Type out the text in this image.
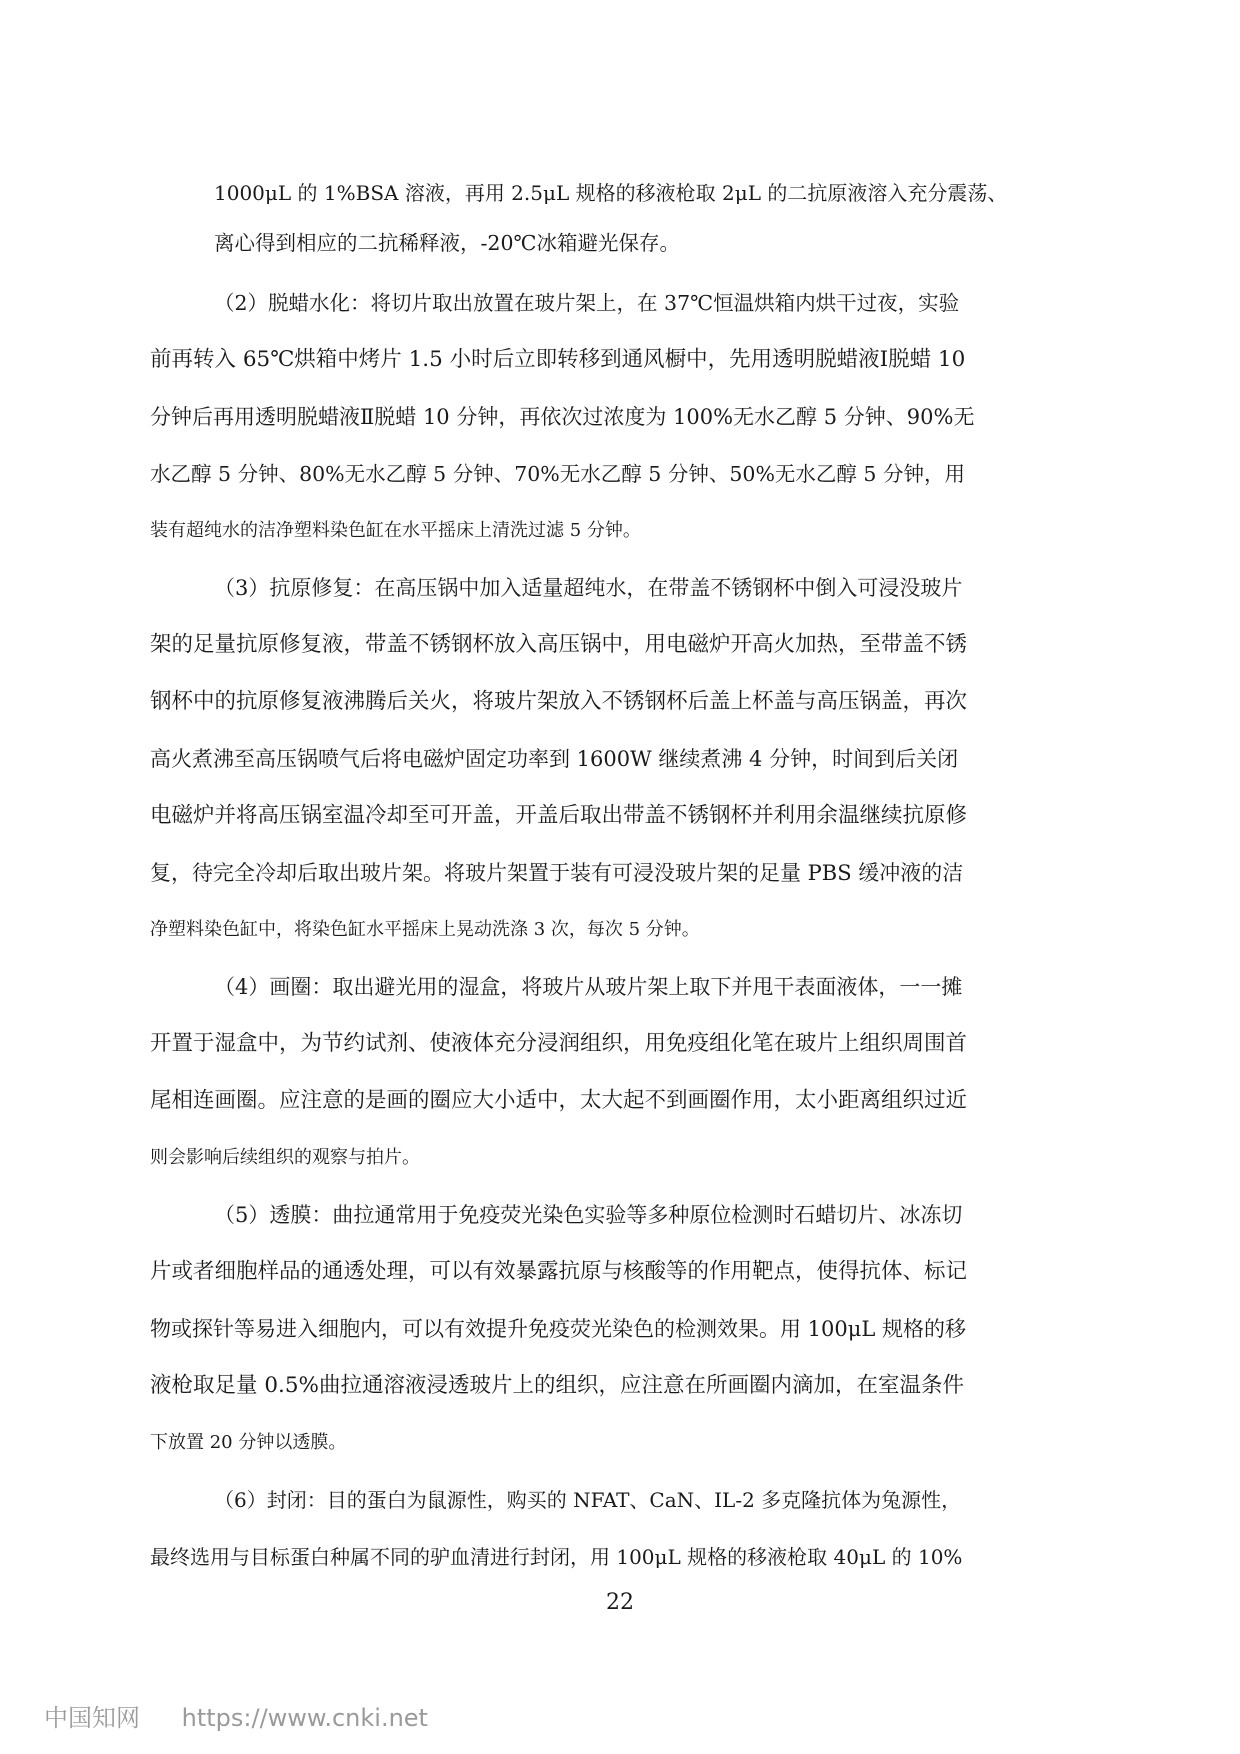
1000μL 的 1%BSA 溶液，再用 2.5μL 规格的移液枪取 2μL 的二抗原液溶入充分震荡、
离心得到相应的二抗稀释液，-20℃冰箱避光保存。
（2）脱蜡水化：将切片取出放置在玻片架上，在 37℃恒温烘箱内烘干过夜，实验
前再转入 65℃烘箱中烤片 1.5 小时后立即转移到通风橱中，先用透明脱蜡液Ⅰ脱蜡 10
分钟后再用透明脱蜡液Ⅱ脱蜡 10 分钟，再依次过浓度为 100%无水乙醇 5 分钟、90%无
水乙醇 5 分钟、80%无水乙醇 5 分钟、70%无水乙醇 5 分钟、50%无水乙醇 5 分钟，用
装有超纯水的洁净塑料染色缸在水平摇床上清洗过滤 5 分钟。
（3）抗原修复：在高压锅中加入适量超纯水，在带盖不锈钢杯中倒入可浸没玻片
架的足量抗原修复液，带盖不锈钢杯放入高压锅中，用电磁炉开高火加热，至带盖不锈
钢杯中的抗原修复液沸腾后关火，将玻片架放入不锈钢杯后盖上杯盖与高压锅盖，再次
高火煮沸至高压锅喷气后将电磁炉固定功率到 1600W 继续煮沸 4 分钟，时间到后关闭
电磁炉并将高压锅室温冷却至可开盖，开盖后取出带盖不锈钢杯并利用余温继续抗原修
复，待完全冷却后取出玻片架。将玻片架置于装有可浸没玻片架的足量 PBS 缓冲液的洁
净塑料染色缸中，将染色缸水平摇床上晃动洗涤 3 次，每次 5 分钟。
（4）画圈：取出避光用的湿盒，将玻片从玻片架上取下并甩干表面液体，一一摊
开置于湿盒中，为节约试剂、使液体充分浸润组织，用免疫组化笔在玻片上组织周围首
尾相连画圈。应注意的是画的圈应大小适中，太大起不到画圈作用，太小距离组织过近
则会影响后续组织的观察与拍片。
（5）透膜：曲拉通常用于免疫荧光染色实验等多种原位检测时石蜡切片、冰冻切
片或者细胞样品的通透处理，可以有效暴露抗原与核酸等的作用靶点，使得抗体、标记
物或探针等易进入细胞内，可以有效提升免疫荧光染色的检测效果。用 100μL 规格的移
液枪取足量 0.5%曲拉通溶液浸透玻片上的组织，应注意在所画圈内滴加，在室温条件
下放置 20 分钟以透膜。
（6）封闭：目的蛋白为鼠源性，购买的 NFAT、CaN、IL-2 多克隆抗体为兔源性，
最终选用与目标蛋白种属不同的驴血清进行封闭，用 100μL 规格的移液枪取 40μL 的 10%
22
中国知网 https://www.cnki.net
